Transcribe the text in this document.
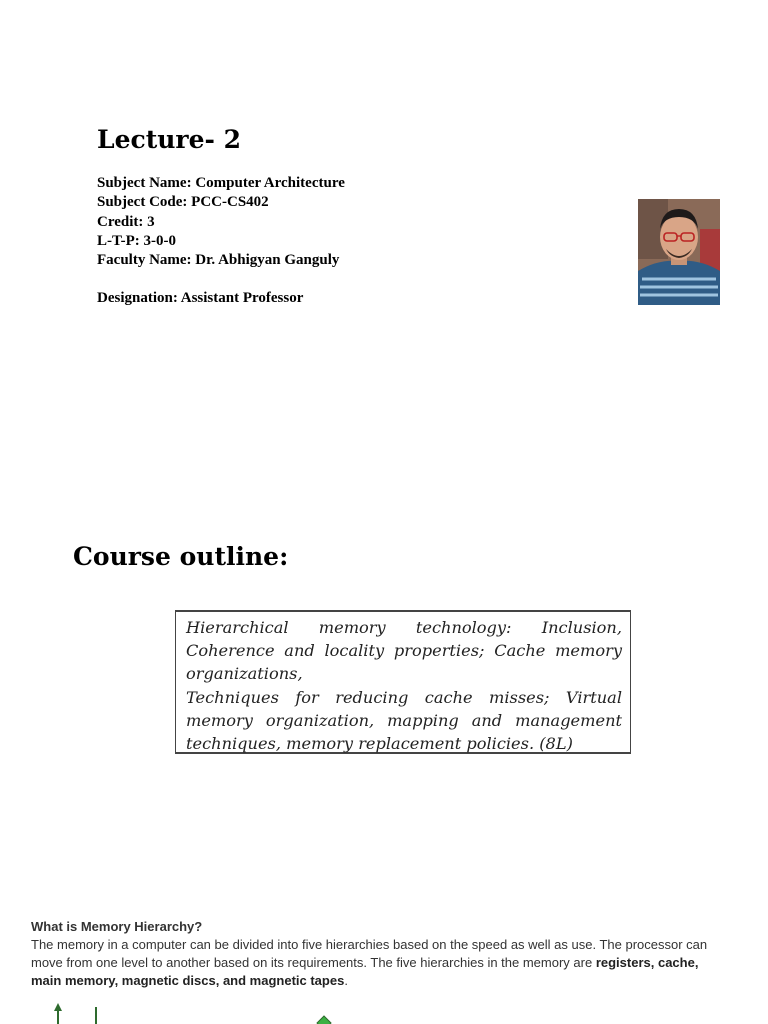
Lecture- 2
Subject Name: Computer Architecture
Subject Code: PCC-CS402
Credit: 3
L-T-P: 3-0-0
Faculty Name: Dr. Abhigyan Ganguly
Designation: Assistant Professor
Course outline:

Hierarchical memory technology: Inclusion, Coherence and locality properties; Cache memory organizations,

Techniques for reducing cache misses; Virtual memory organization, mapping and management techniques, memory replacement policies. (8L)

What is Memory Hierarchy?
The memory in a computer can be divided into five hierarchies based on the speed as well as use. The processor can move from one level to another based on its requirements. The five hierarchies in the memory are registers, cache, main memory, magnetic discs, and magnetic tapes.
